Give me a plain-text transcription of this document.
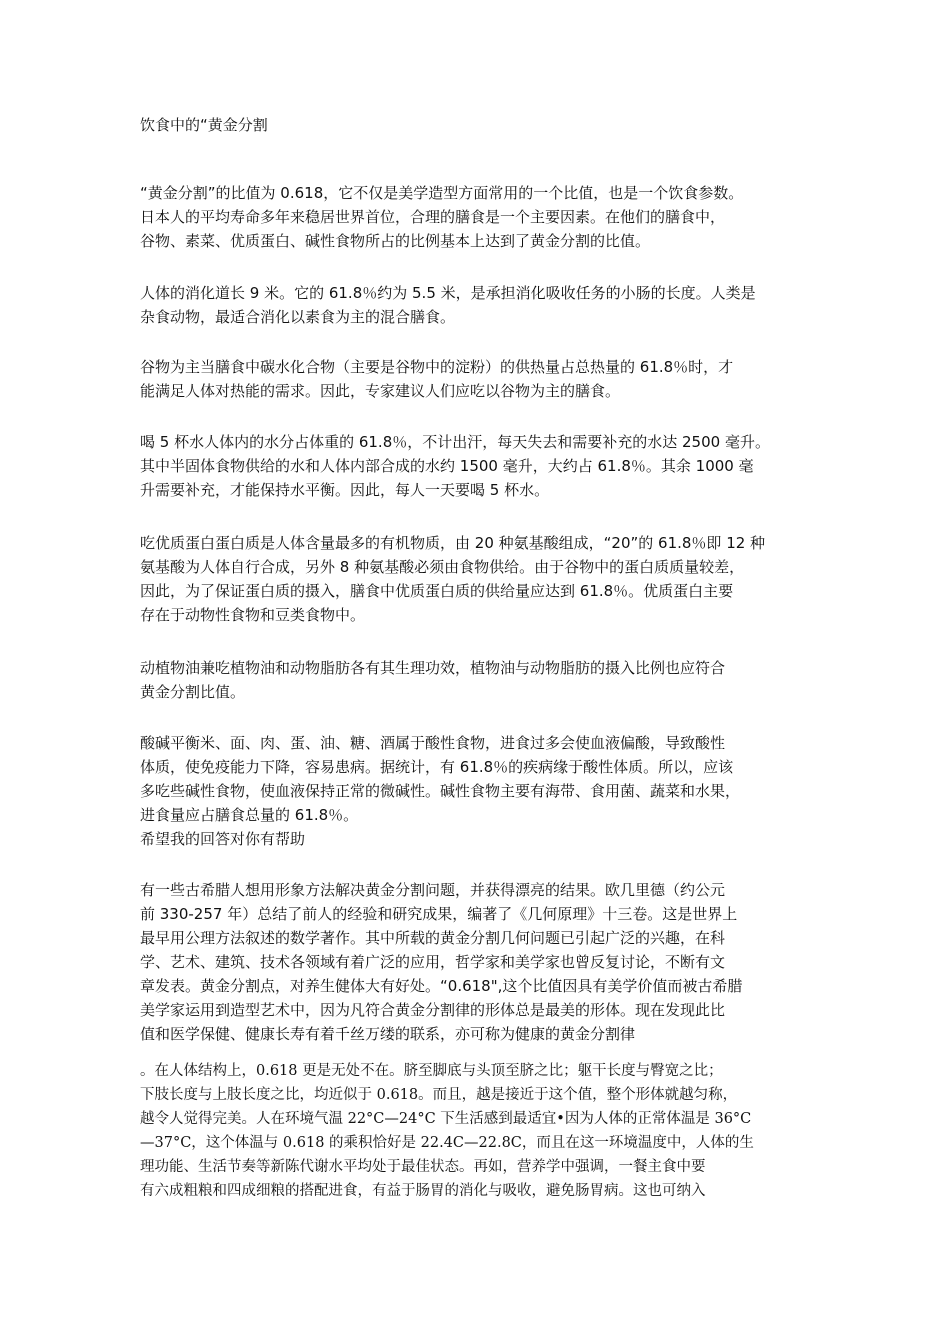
饮食中的“黄金分割
“黄金分割”的比值为 0.618，它不仅是美学造型方面常用的一个比值，也是一个饮食参数。
日本人的平均寿命多年来稳居世界首位，合理的膳食是一个主要因素。在他们的膳食中，
谷物、素菜、优质蛋白、碱性食物所占的比例基本上达到了黄金分割的比值。
人体的消化道长 9 米。它的 61.8％约为 5.5 米，是承担消化吸收任务的小肠的长度。人类是
杂食动物，最适合消化以素食为主的混合膳食。
谷物为主当膳食中碳水化合物（主要是谷物中的淀粉）的供热量占总热量的 61.8％时，才
能满足人体对热能的需求。因此，专家建议人们应吃以谷物为主的膳食。
喝 5 杯水人体内的水分占体重的 61.8％，不计出汗，每天失去和需要补充的水达 2500 毫升。
其中半固体食物供给的水和人体内部合成的水约 1500 毫升，大约占 61.8％。其余 1000 毫
升需要补充，才能保持水平衡。因此，每人一天要喝 5 杯水。
吃优质蛋白蛋白质是人体含量最多的有机物质，由 20 种氨基酸组成，“20”的 61.8％即 12 种
氨基酸为人体自行合成，另外 8 种氨基酸必须由食物供给。由于谷物中的蛋白质质量较差，
因此，为了保证蛋白质的摄入，膳食中优质蛋白质的供给量应达到 61.8％。优质蛋白主要
存在于动物性食物和豆类食物中。
动植物油兼吃植物油和动物脂肪各有其生理功效，植物油与动物脂肪的摄入比例也应符合
黄金分割比值。
酸碱平衡米、面、肉、蛋、油、糖、酒属于酸性食物，进食过多会使血液偏酸，导致酸性
体质，使免疫能力下降，容易患病。据统计，有 61.8％的疾病缘于酸性体质。所以，应该
多吃些碱性食物，使血液保持正常的微碱性。碱性食物主要有海带、食用菌、蔬菜和水果，
进食量应占膳食总量的 61.8％。
希望我的回答对你有帮助
有一些古希腊人想用形象方法解决黄金分割问题，并获得漂亮的结果。欧几里德（约公元
前 330-257 年）总结了前人的经验和研究成果，编著了《几何原理》十三卷。这是世界上
最早用公理方法叙述的数学著作。其中所载的黄金分割几何问题已引起广泛的兴趣，在科
学、艺术、建筑、技术各领域有着广泛的应用，哲学家和美学家也曾反复讨论，不断有文
章发表。黄金分割点，对养生健体大有好处。“0.618",这个比值因具有美学价值而被古希腊
美学家运用到造型艺术中，因为凡符合黄金分割律的形体总是最美的形体。现在发现此比
值和医学保健、健康长寿有着千丝万缕的联系，亦可称为健康的黄金分割律
。在人体结构上，0.618 更是无处不在。脐至脚底与头顶至脐之比；躯干长度与臀宽之比；
下肢长度与上肢长度之比，均近似于 0.618。而且，越是接近于这个值，整个形体就越匀称，
越令人觉得完美。人在环境气温 22°C—24°C 下生活感到最适宜•因为人体的正常体温是 36°C
—37°C，这个体温与 0.618 的乘积恰好是 22.4C—22.8C，而且在这一环境温度中，人体的生
理功能、生活节奏等新陈代谢水平均处于最佳状态。再如，营养学中强调，一餐主食中要
有六成粗粮和四成细粮的搭配进食，有益于肠胃的消化与吸收，避免肠胃病。这也可纳入
